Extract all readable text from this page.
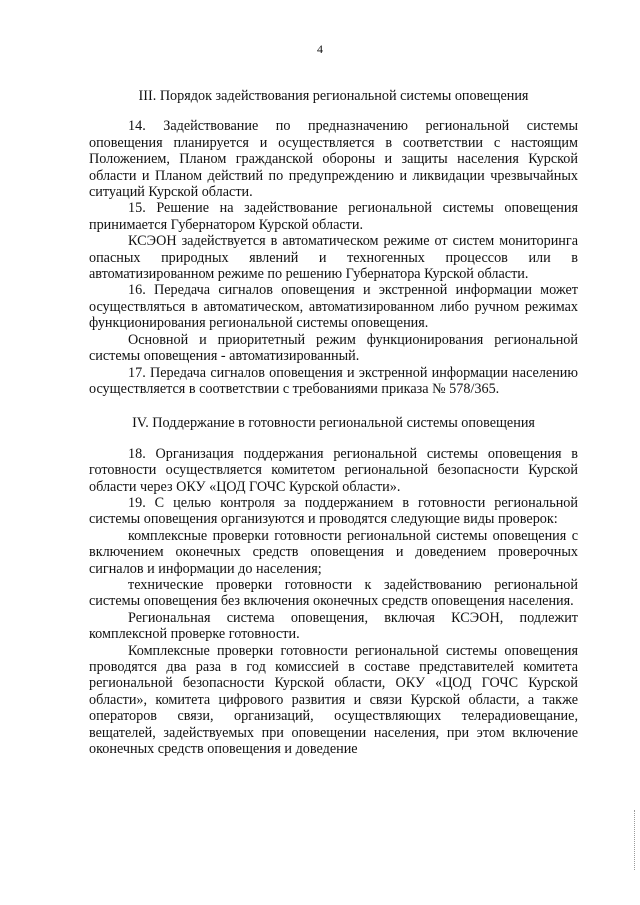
4
III. Порядок задействования региональной системы оповещения

14. Задействование по предназначению региональной системы оповещения планируется и осуществляется в соответствии с настоящим Положением, Планом гражданской обороны и защиты населения Курской области и Планом действий по предупреждению и ликвидации чрезвычайных ситуаций Курской области.

15. Решение на задействование региональной системы оповещения принимается Губернатором Курской области.

КСЭОН задействуется в автоматическом режиме от систем мониторинга опасных природных явлений и техногенных процессов или в автоматизированном режиме по решению Губернатора Курской области.

16. Передача сигналов оповещения и экстренной информации может осуществляться в автоматическом, автоматизированном либо ручном режимах функционирования региональной системы оповещения.

Основной и приоритетный режим функционирования региональной системы оповещения - автоматизированный.

17. Передача сигналов оповещения и экстренной информации населению осуществляется в соответствии с требованиями приказа № 578/365.

IV. Поддержание в готовности региональной системы оповещения

18. Организация поддержания региональной системы оповещения в готовности осуществляется комитетом региональной безопасности Курской области через ОКУ «ЦОД ГОЧС Курской области».

19. С целью контроля за поддержанием в готовности региональной системы оповещения организуются и проводятся следующие виды проверок:

комплексные проверки готовности региональной системы оповещения с включением оконечных средств оповещения и доведением проверочных сигналов и информации до населения;

технические проверки готовности к задействованию региональной системы оповещения без включения оконечных средств оповещения населения.

Региональная система оповещения, включая КСЭОН, подлежит комплексной проверке готовности.

Комплексные проверки готовности региональной системы оповещения проводятся два раза в год комиссией в составе представителей комитета региональной безопасности Курской области, ОКУ «ЦОД ГОЧС Курской области», комитета цифрового развития и связи Курской области, а также операторов связи, организаций, осуществляющих телерадиовещание, вещателей, задействуемых при оповещении населения, при этом включение оконечных средств оповещения и доведение
